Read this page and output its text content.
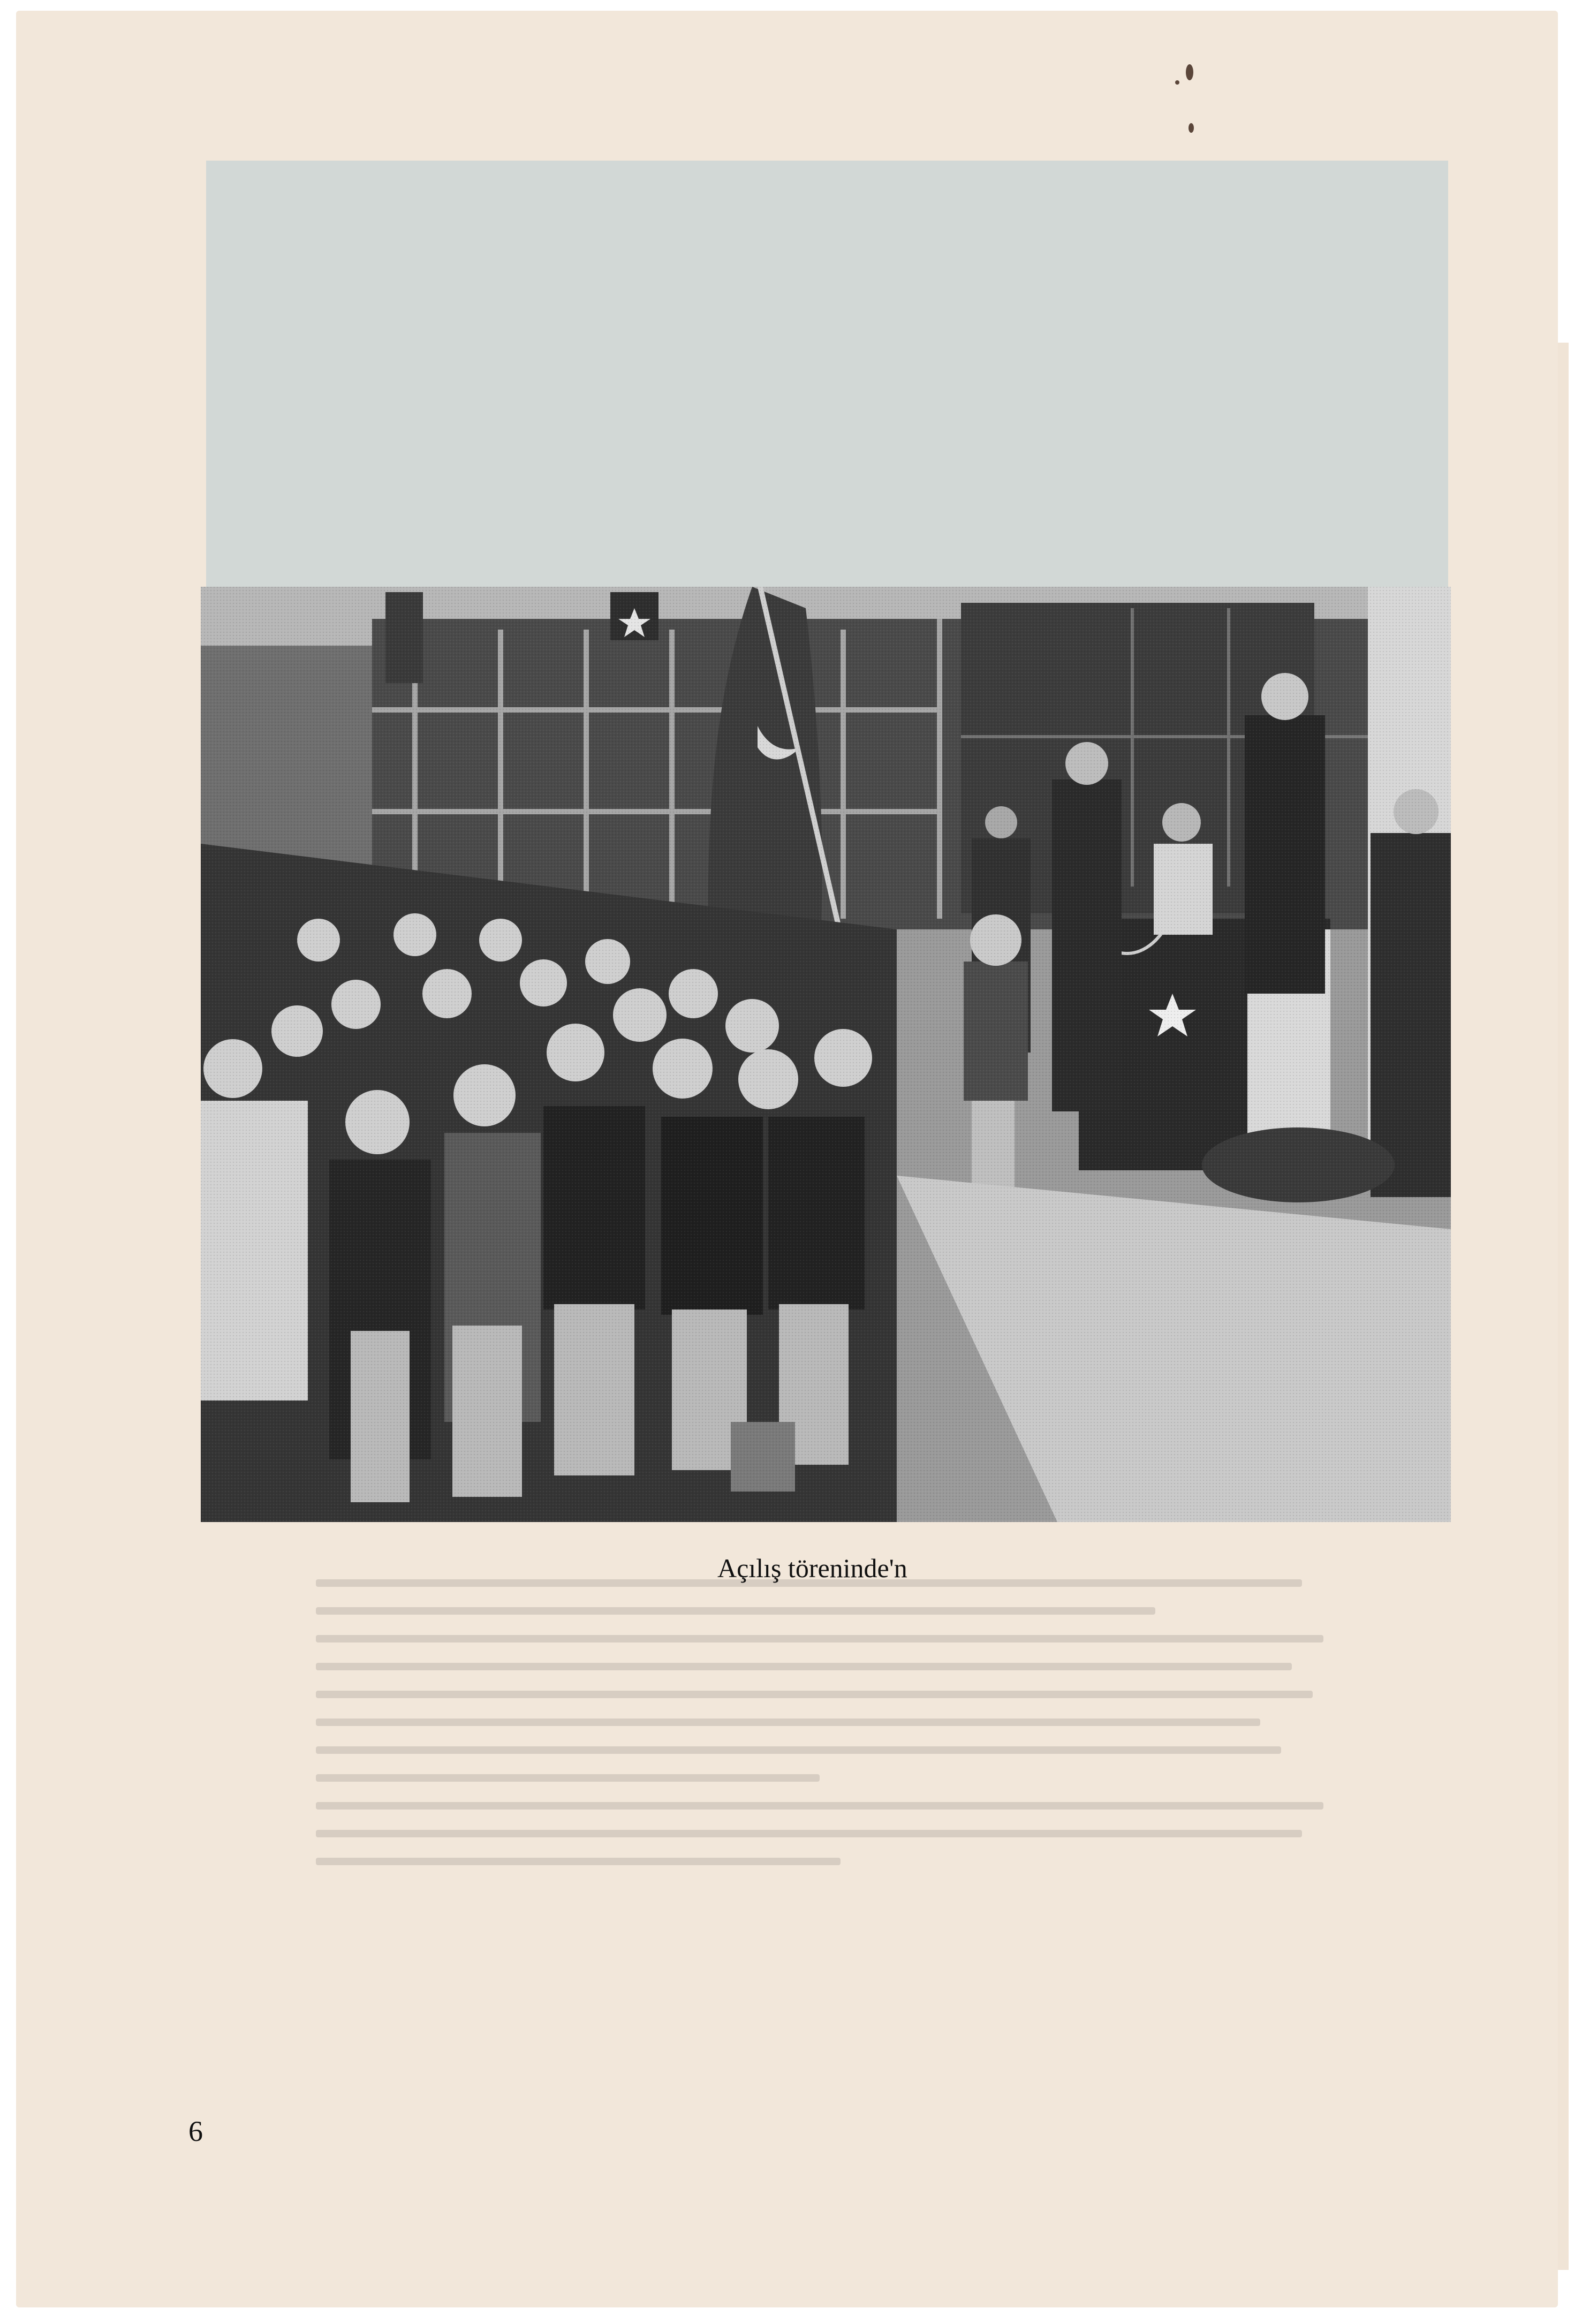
Açılış töreninde'n
6
